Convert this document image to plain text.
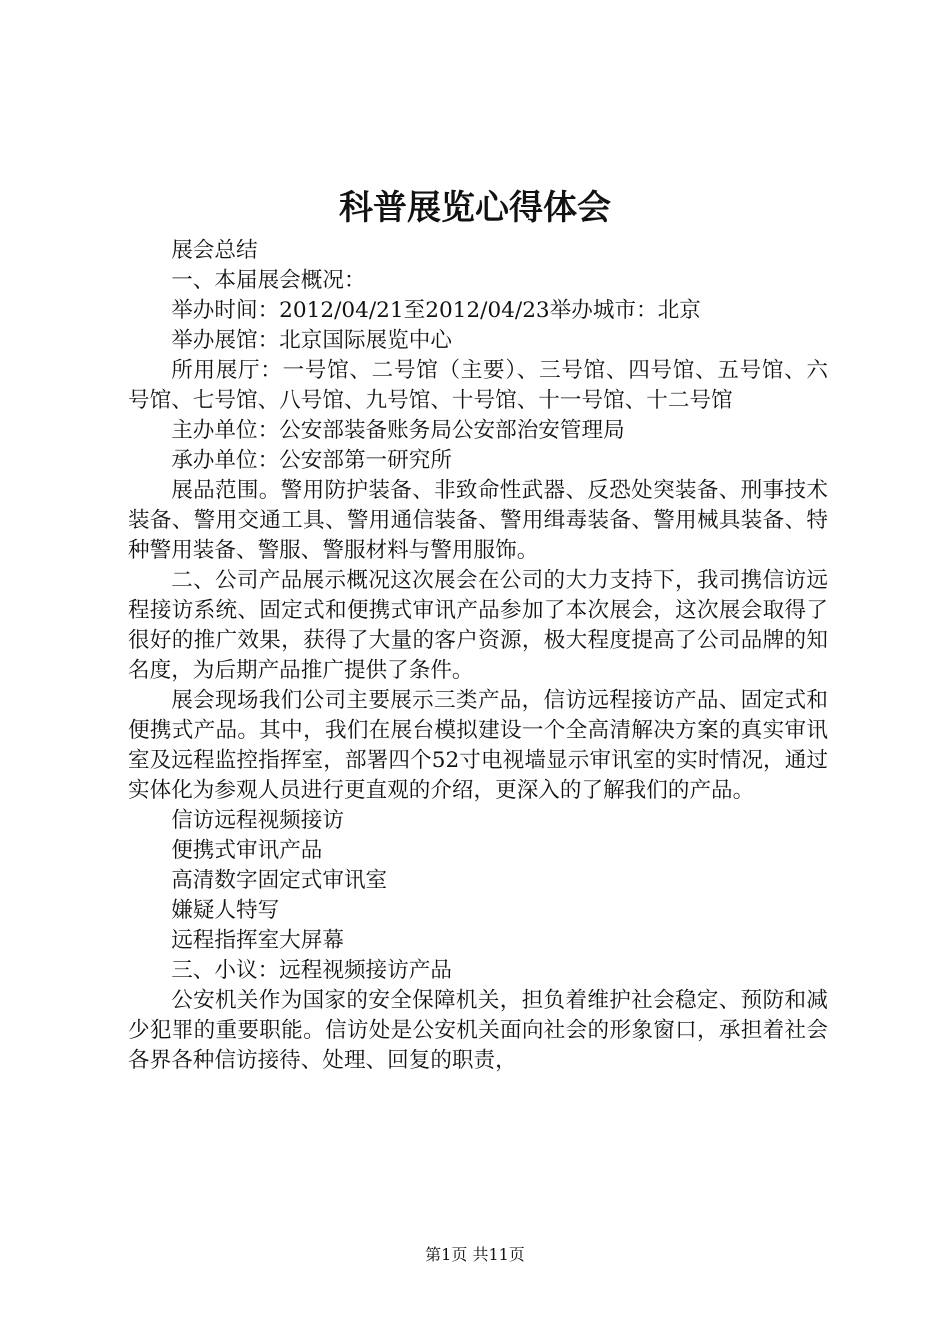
科普展览心得体会

展会总结

一、本届展会概况：

举办时间：2012/04/21至2012/04/23举办城市：北京

举办展馆：北京国际展览中心

所用展厅：一号馆、二号馆（主要）、三号馆、四号馆、五号馆、六号馆、七号馆、八号馆、九号馆、十号馆、十一号馆、十二号馆

主办单位：公安部装备账务局公安部治安管理局

承办单位：公安部第一研究所

展品范围。警用防护装备、非致命性武器、反恐处突装备、刑事技术装备、警用交通工具、警用通信装备、警用缉毒装备、警用械具装备、特种警用装备、警服、警服材料与警用服饰。

二、公司产品展示概况这次展会在公司的大力支持下，我司携信访远程接访系统、固定式和便携式审讯产品参加了本次展会，这次展会取得了很好的推广效果，获得了大量的客户资源，极大程度提高了公司品牌的知名度，为后期产品推广提供了条件。

展会现场我们公司主要展示三类产品，信访远程接访产品、固定式和便携式产品。其中，我们在展台模拟建设一个全高清解决方案的真实审讯室及远程监控指挥室，部署四个52寸电视墙显示审讯室的实时情况，通过实体化为参观人员进行更直观的介绍，更深入的了解我们的产品。

信访远程视频接访

便携式审讯产品

高清数字固定式审讯室

嫌疑人特写

远程指挥室大屏幕

三、小议：远程视频接访产品

公安机关作为国家的安全保障机关，担负着维护社会稳定、预防和减少犯罪的重要职能。信访处是公安机关面向社会的形象窗口，承担着社会各界各种信访接待、处理、回复的职责，

第1页 共11页
